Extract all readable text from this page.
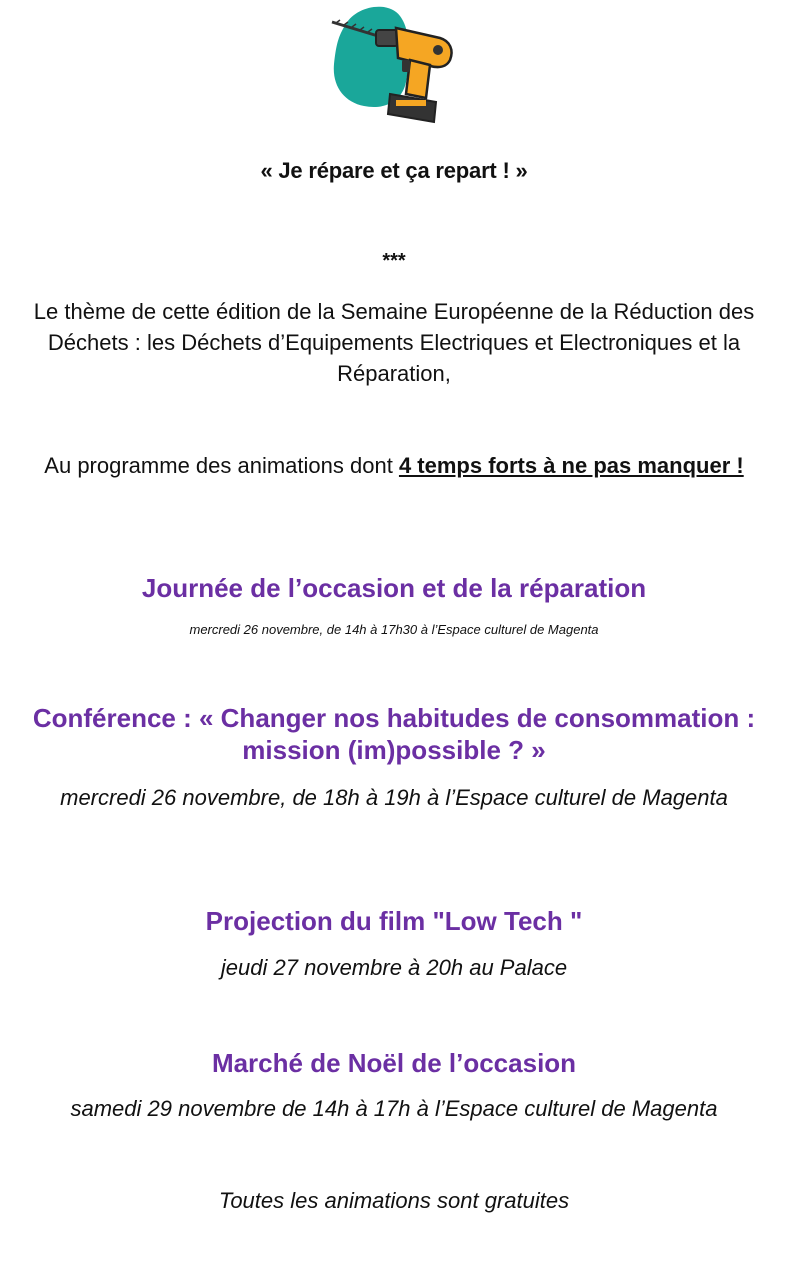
« Je répare et ça repart ! »

***

Le thème de cette édition de la Semaine Européenne de la Réduction des Déchets : les Déchets d’Equipements Electriques et Electroniques et la Réparation,

Au programme des animations dont 4 temps forts à ne pas manquer !

Journée de l’occasion et de la réparation

mercredi 26 novembre, de 14h à 17h30 à l’Espace culturel de Magenta

Conférence : « Changer nos habitudes de consommation : mission (im)possible ? »

mercredi 26 novembre, de 18h à 19h à l’Espace culturel de Magenta

Projection du film "Low Tech "

jeudi 27 novembre à 20h au Palace

Marché de Noël de l’occasion

samedi 29 novembre de 14h à 17h à l’Espace culturel de Magenta

Toutes les animations sont gratuites
